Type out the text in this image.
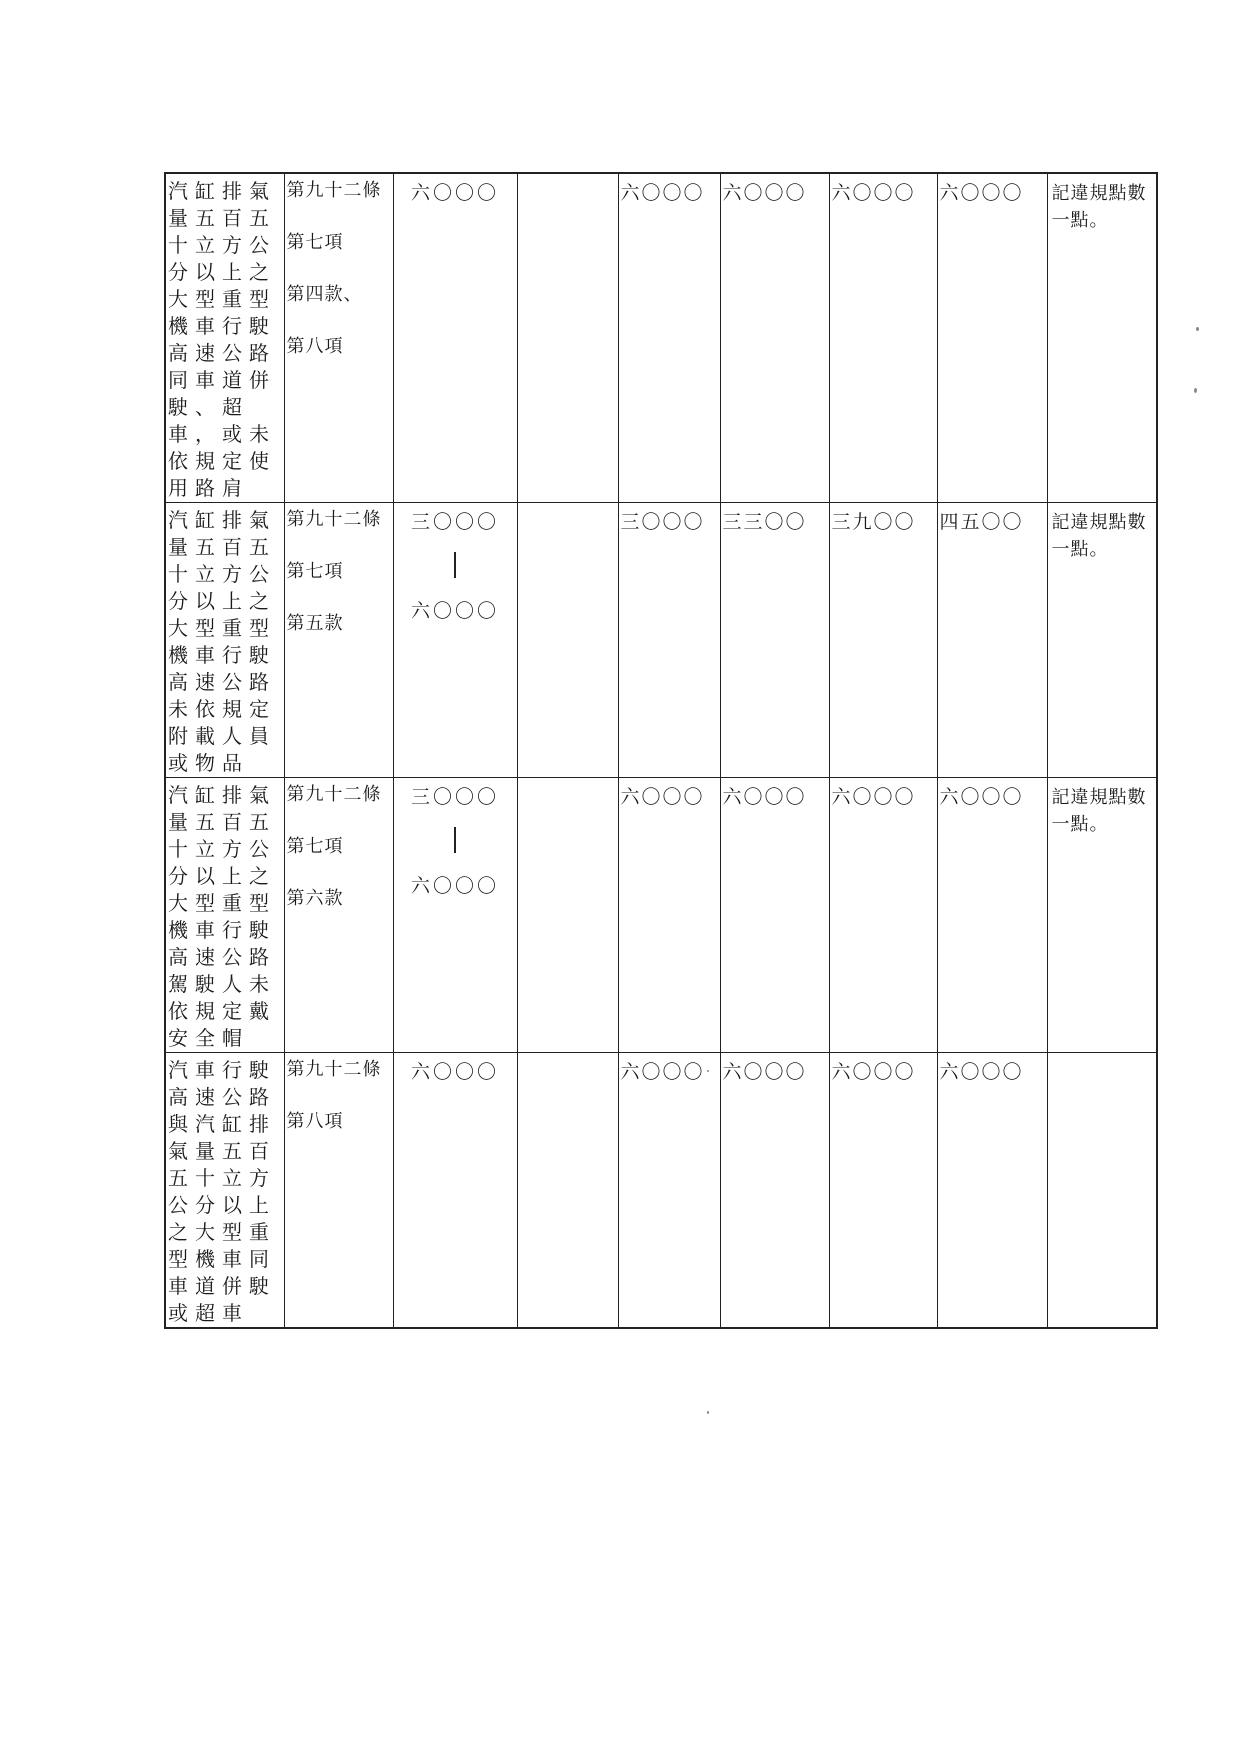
汽缸排氣量五百五十立方公分以上之大型重型機車行駛高速公路同車道併駛、超車，或未依規定使用路肩	第九十二條
第七項
第四款、
第八項	六〇〇〇		六〇〇〇	六〇〇〇	六〇〇〇	六〇〇〇	記違規點數一點。

汽缸排氣量五百五十立方公分以上之大型重型機車行駛高速公路未依規定附載人員或物品	第九十二條
第七項
第五款	三〇〇〇
六〇〇〇		三〇〇〇	三三〇〇	三九〇〇	四五〇〇	記違規點數一點。

汽缸排氣量五百五十立方公分以上之大型重型機車行駛高速公路駕駛人未依規定戴安全帽	第九十二條
第七項
第六款	三〇〇〇
六〇〇〇		六〇〇〇	六〇〇〇	六〇〇〇	六〇〇〇	記違規點數一點。

汽車行駛高速公路與汽缸排氣量五百五十立方公分以上之大型重型機車同車道併駛或超車	第九十二條
第八項	六〇〇〇		六〇〇〇	六〇〇〇	六〇〇〇	六〇〇〇	
